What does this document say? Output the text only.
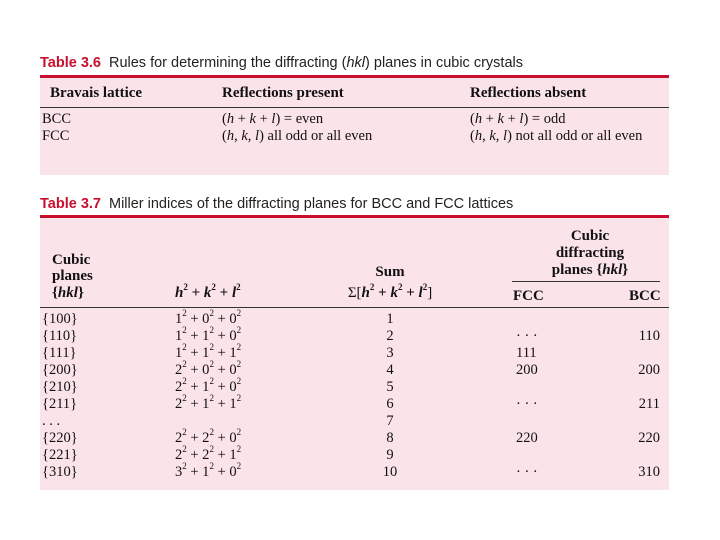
Table 3.6 Rules for determining the diffracting (hkl) planes in cubic crystals
Bravais lattice	Reflections present	Reflections absent
BCC	(h + k + l) = even	(h + k + l) = odd
FCC	(h, k, l) all odd or all even	(h, k, l) not all odd or all even
Table 3.7 Miller indices of the diffracting planes for BCC and FCC lattices
Cubic
planes
{hkl}	$h^2 + k^2 + l^2$
Sum
$\Sigma[h^2 + k^2 + l^2]$
Cubic
diffracting
planes {hkl}
FCC	BCC
{100}	$1^2 + 0^2 + 0^2$	1
{110}	$1^2 + 1^2 + 0^2$	2	· · ·	110
{111}	$1^2 + 1^2 + 1^2$	3	111
{200}	$2^2 + 0^2 + 0^2$	4	200	200
{210}	$2^2 + 1^2 + 0^2$	5
{211}	$2^2 + 1^2 + 1^2$	6	· · ·	211
. . .	7
{220}	$2^2 + 2^2 + 0^2$	8	220	220
{221}	$2^2 + 2^2 + 1^2$	9
{310}	$3^2 + 1^2 + 0^2$	10	· · ·	310
